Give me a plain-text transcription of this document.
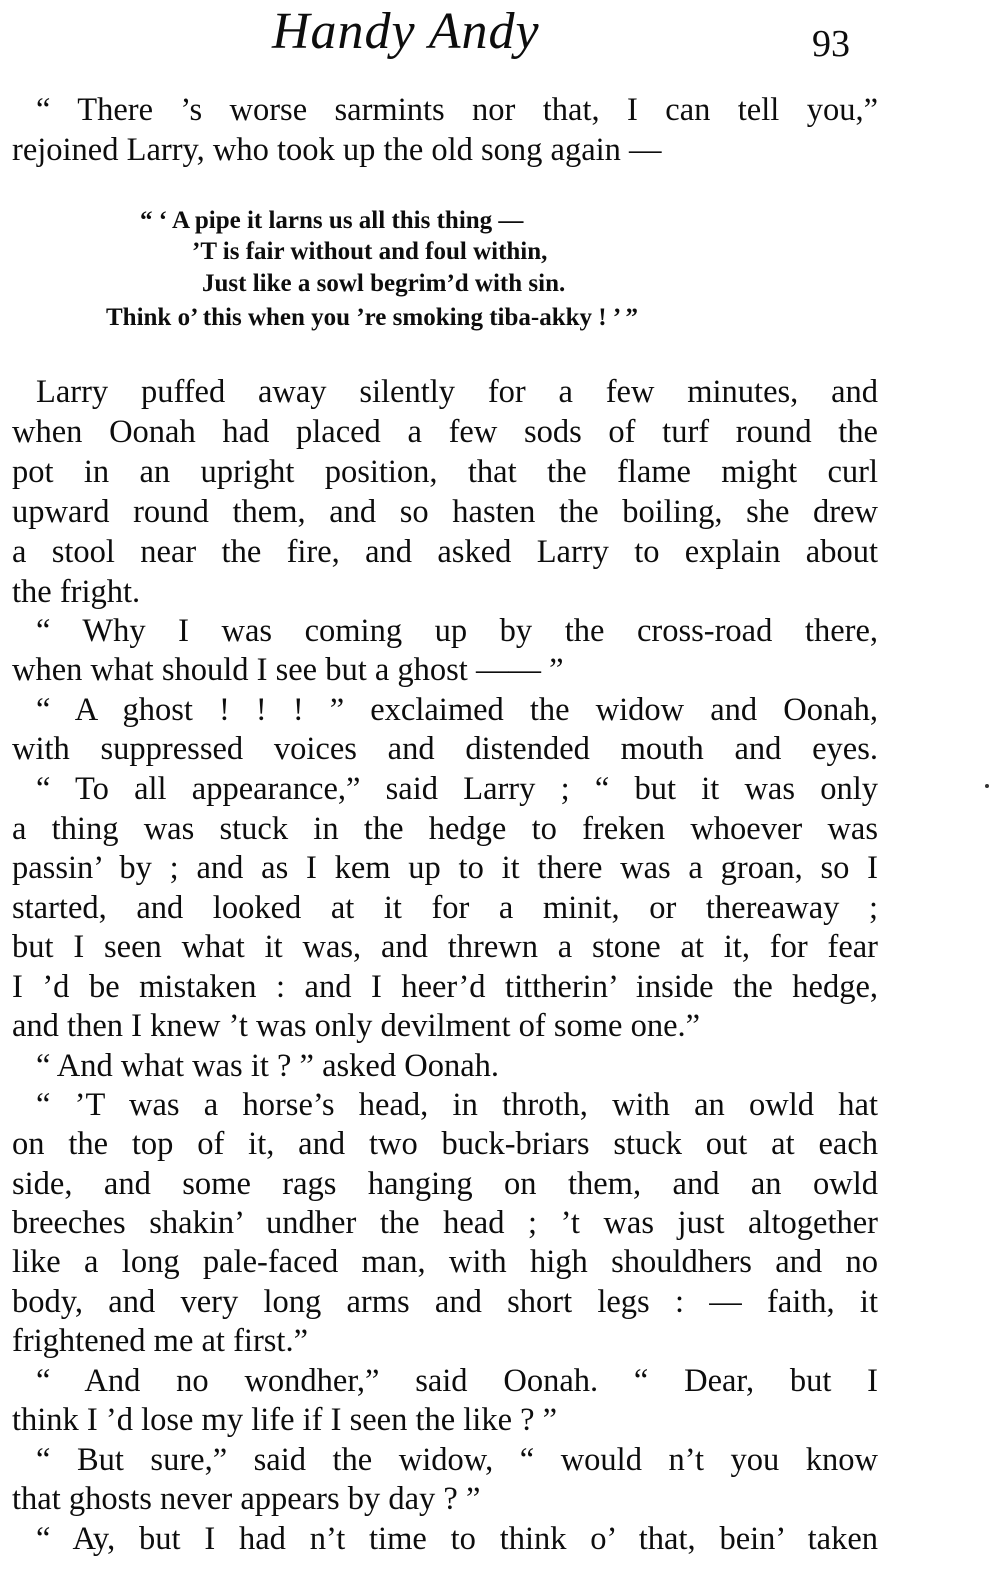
Handy Andy	93
“ There ’s worse sarmints nor that, I can tell you,”
rejoined Larry, who took up the old song again —
“ ‘ A pipe it larns us all this thing —
’T is fair without and foul within,
Just like a sowl begrim’d with sin.
Think o’ this when you ’re smoking tiba-akky ! ’ ”
Larry puffed away silently for a few minutes, and
when Oonah had placed a few sods of turf round the
pot in an upright position, that the flame might curl
upward round them, and so hasten the boiling, she drew
a stool near the fire, and asked Larry to explain about
the fright.
“ Why I was coming up by the cross-road there,
when what should I see but a ghost —— ”
“ A ghost ! ! ! ” exclaimed the widow and Oonah,
with suppressed voices and distended mouth and eyes.
“ To all appearance,” said Larry ; “ but it was only
a thing was stuck in the hedge to freken whoever was
passin’ by ; and as I kem up to it there was a groan, so I
started, and looked at it for a minit, or thereaway ;
but I seen what it was, and threwn a stone at it, for fear
I ’d be mistaken : and I heer’d tittherin’ inside the hedge,
and then I knew ’t was only devilment of some one.”
“ And what was it ? ” asked Oonah.
“ ’T was a horse’s head, in throth, with an owld hat
on the top of it, and two buck-briars stuck out at each
side, and some rags hanging on them, and an owld
breeches shakin’ undher the head ; ’t was just altogether
like a long pale-faced man, with high shouldhers and no
body, and very long arms and short legs : — faith, it
frightened me at first.”
“ And no wondher,” said Oonah. “ Dear, but I
think I ’d lose my life if I seen the like ? ”
“ But sure,” said the widow, “ would n’t you know
that ghosts never appears by day ? ”
“ Ay, but I had n’t time to think o’ that, bein’ taken
